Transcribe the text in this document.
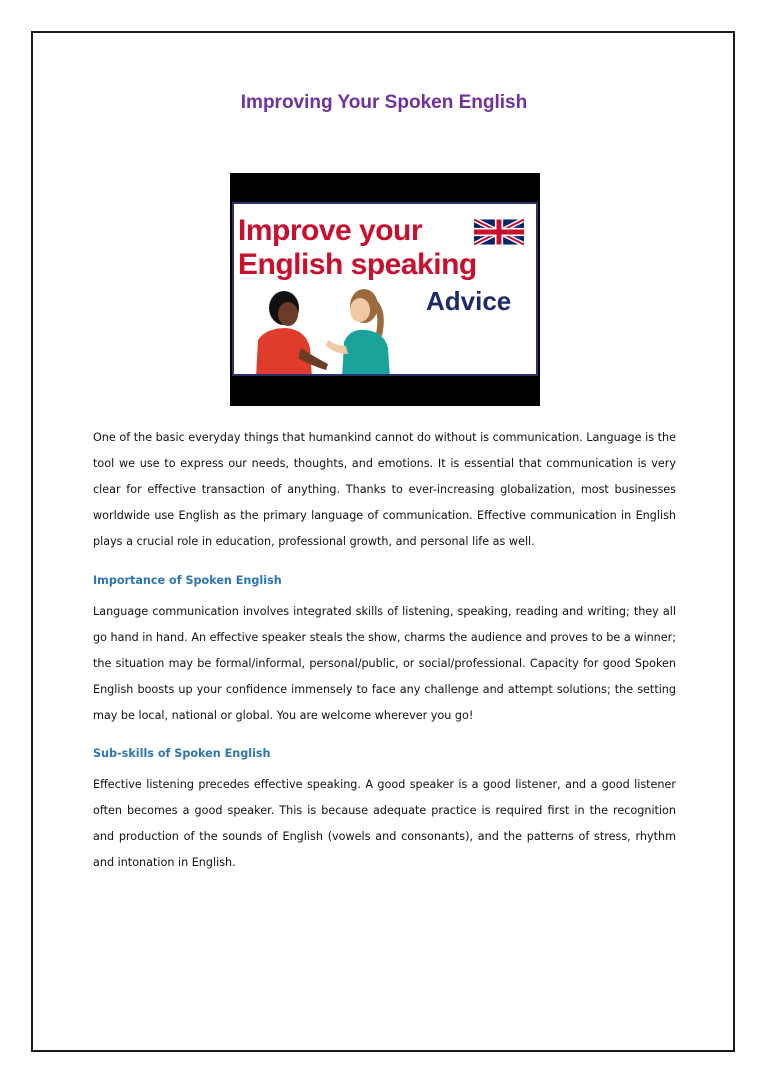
Improving Your Spoken English
Improve your
English speaking
Advice

One of the basic everyday things that humankind cannot do without is communication. Language is the tool we use to express our needs, thoughts, and emotions. It is essential that communication is very clear for effective transaction of anything. Thanks to ever-increasing globalization, most businesses worldwide use English as the primary language of communication. Effective communication in English plays a crucial role in education, professional growth, and personal life as well.

Importance of Spoken English

Language communication involves integrated skills of listening, speaking, reading and writing; they all go hand in hand. An effective speaker steals the show, charms the audience and proves to be a winner; the situation may be formal/informal, personal/public, or social/professional. Capacity for good Spoken English boosts up your confidence immensely to face any challenge and attempt solutions; the setting may be local, national or global. You are welcome wherever you go!

Sub-skills of Spoken English

Effective listening precedes effective speaking. A good speaker is a good listener, and a good listener often becomes a good speaker. This is because adequate practice is required first in the recognition and production of the sounds of English (vowels and consonants), and the patterns of stress, rhythm and intonation in English.
